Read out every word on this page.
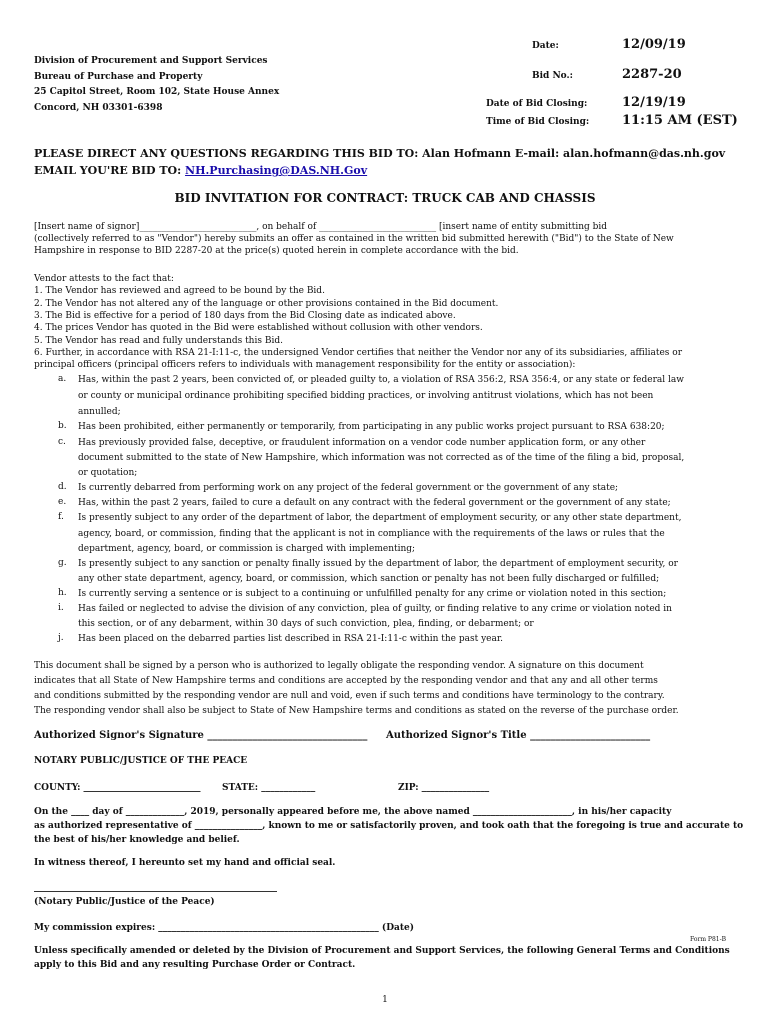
Division of Procurement and Support Services
Bureau of Purchase and Property
25 Capitol Street, Room 102, State House Annex
Concord, NH 03301-6398
Date:	12/09/19
Bid No.:	2287-20
Date of Bid Closing:	12/19/19
Time of Bid Closing:	11:15 AM (EST)
PLEASE DIRECT ANY QUESTIONS REGARDING THIS BID TO: Alan Hofmann E-mail: alan.hofmann@das.nh.gov
EMAIL YOU'RE BID TO: NH.Purchasing@DAS.NH.Gov
BID INVITATION FOR CONTRACT: TRUCK CAB AND CHASSIS
[Insert name of signor]__________________________, on behalf of __________________________ [insert name of entity submitting bid
(collectively referred to as "Vendor") hereby submits an offer as contained in the written bid submitted herewith ("Bid") to the State of New
Hampshire in response to BID 2287-20 at the price(s) quoted herein in complete accordance with the bid.
Vendor attests to the fact that:
1. The Vendor has reviewed and agreed to be bound by the Bid.
2. The Vendor has not altered any of the language or other provisions contained in the Bid document.
3. The Bid is effective for a period of 180 days from the Bid Closing date as indicated above.
4. The prices Vendor has quoted in the Bid were established without collusion with other vendors.
5. The Vendor has read and fully understands this Bid.
6. Further, in accordance with RSA 21-I:11-c, the undersigned Vendor certifies that neither the Vendor nor any of its subsidiaries, affiliates or
principal officers (principal officers refers to individuals with management responsibility for the entity or association):
a. Has, within the past 2 years, been convicted of, or pleaded guilty to, a violation of RSA 356:2, RSA 356:4, or any state or federal law
or county or municipal ordinance prohibiting specified bidding practices, or involving antitrust violations, which has not been
annulled;
b. Has been prohibited, either permanently or temporarily, from participating in any public works project pursuant to RSA 638:20;
c. Has previously provided false, deceptive, or fraudulent information on a vendor code number application form, or any other
document submitted to the state of New Hampshire, which information was not corrected as of the time of the filing a bid, proposal,
or quotation;
d. Is currently debarred from performing work on any project of the federal government or the government of any state;
e. Has, within the past 2 years, failed to cure a default on any contract with the federal government or the government of any state;
f. Is presently subject to any order of the department of labor, the department of employment security, or any other state department,
agency, board, or commission, finding that the applicant is not in compliance with the requirements of the laws or rules that the
department, agency, board, or commission is charged with implementing;
g. Is presently subject to any sanction or penalty finally issued by the department of labor, the department of employment security, or
any other state department, agency, board, or commission, which sanction or penalty has not been fully discharged or fulfilled;
h. Is currently serving a sentence or is subject to a continuing or unfulfilled penalty for any crime or violation noted in this section;
i. Has failed or neglected to advise the division of any conviction, plea of guilty, or finding relative to any crime or violation noted in
this section, or of any debarment, within 30 days of such conviction, plea, finding, or debarment; or
j. Has been placed on the debarred parties list described in RSA 21-I:11-c within the past year.
This document shall be signed by a person who is authorized to legally obligate the responding vendor. A signature on this document
indicates that all State of New Hampshire terms and conditions are accepted by the responding vendor and that any and all other terms
and conditions submitted by the responding vendor are null and void, even if such terms and conditions have terminology to the contrary.
The responding vendor shall also be subject to State of New Hampshire terms and conditions as stated on the reverse of the purchase order.
Authorized Signor's Signature ________________________________ Authorized Signor's Title ________________________
NOTARY PUBLIC/JUSTICE OF THE PEACE
COUNTY: __________________________ STATE: ____________	ZIP: _______________
On the ____ day of _____________, 2019, personally appeared before me, the above named ______________________, in his/her capacity
as authorized representative of _______________, known to me or satisfactorily proven, and took oath that the foregoing is true and accurate to
the best of his/her knowledge and belief.
In witness thereof, I hereunto set my hand and official seal.
______________________________________________________
(Notary Public/Justice of the Peace)
My commission expires: _________________________________________________ (Date)
Form P81-B
Unless specifically amended or deleted by the Division of Procurement and Support Services, the following General Terms and Conditions
apply to this Bid and any resulting Purchase Order or Contract.
1
